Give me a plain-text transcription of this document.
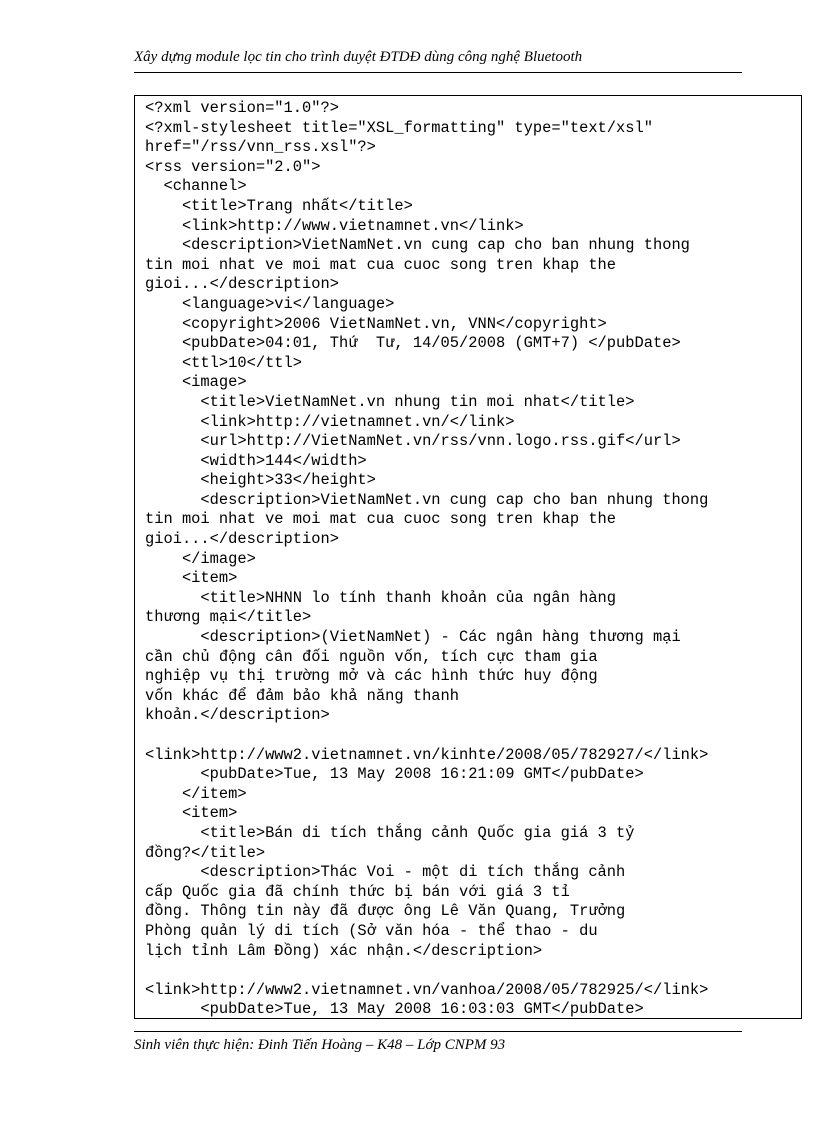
Xây dựng module lọc tin cho trình duyệt ĐTDĐ dùng công nghệ Bluetooth
<?xml version="1.0"?>
<?xml-stylesheet title="XSL_formatting" type="text/xsl"
href="/rss/vnn_rss.xsl"?>
<rss version="2.0">
<channel>
<title>Trang nhất</title>
<link>http://www.vietnamnet.vn</link>
<description>VietNamNet.vn cung cap cho ban nhung thong
tin moi nhat ve moi mat cua cuoc song tren khap the
gioi...</description>
<language>vi</language>
<copyright>2006 VietNamNet.vn, VNN</copyright>
<pubDate>04:01, Thứ  Tư, 14/05/2008 (GMT+7) </pubDate>
<ttl>10</ttl>
<image>
<title>VietNamNet.vn nhung tin moi nhat</title>
<link>http://vietnamnet.vn/</link>
<url>http://VietNamNet.vn/rss/vnn.logo.rss.gif</url>
<width>144</width>
<height>33</height>
<description>VietNamNet.vn cung cap cho ban nhung thong
tin moi nhat ve moi mat cua cuoc song tren khap the
gioi...</description>
</image>
<item>
<title>NHNN lo tính thanh khoản của ngân hàng
thương mại</title>
<description>(VietNamNet) - Các ngân hàng thương mại
cần chủ động cân đối nguồn vốn, tích cực tham gia
nghiệp vụ thị trường mở và các hình thức huy động
vốn khác để đảm bảo khả năng thanh
khoản.</description>
<link>http://www2.vietnamnet.vn/kinhte/2008/05/782927/</link>
<pubDate>Tue, 13 May 2008 16:21:09 GMT</pubDate>
</item>
<item>
<title>Bán di tích thắng cảnh Quốc gia giá 3 tỷ
đồng?</title>
<description>Thác Voi - một di tích thắng cảnh
cấp Quốc gia đã chính thức bị bán với giá 3 tỉ
đồng. Thông tin này đã được ông Lê Văn Quang, Trưởng
Phòng quản lý di tích (Sở văn hóa - thể thao - du
lịch tỉnh Lâm Đồng) xác nhận.</description>
<link>http://www2.vietnamnet.vn/vanhoa/2008/05/782925/</link>
<pubDate>Tue, 13 May 2008 16:03:03 GMT</pubDate>
Sinh viên thực hiện: Đinh Tiến Hoàng – K48 – Lớp CNPM 93
